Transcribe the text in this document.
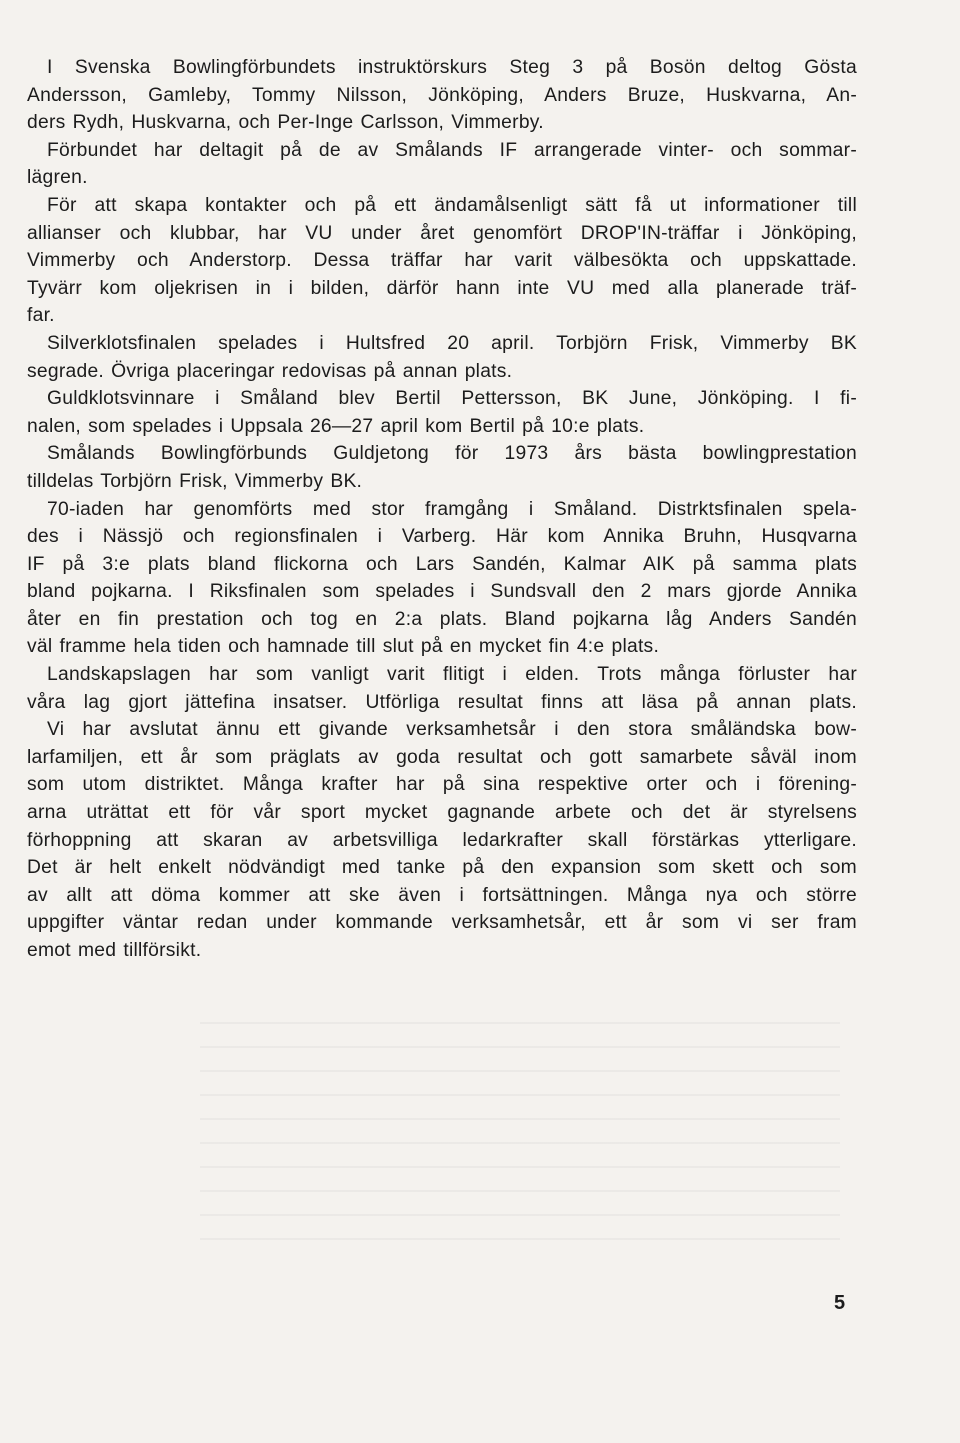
I Svenska Bowlingförbundets instruktörskurs Steg 3 på Bosön deltog Gösta
Andersson, Gamleby, Tommy Nilsson, Jönköping, Anders Bruze, Huskvarna, An-
ders Rydh, Huskvarna, och Per-Inge Carlsson, Vimmerby.
Förbundet har deltagit på de av Smålands IF arrangerade vinter- och sommar-
lägren.
För att skapa kontakter och på ett ändamålsenligt sätt få ut informationer till
allianser och klubbar, har VU under året genomfört DROP'IN-träffar i Jönköping,
Vimmerby och Anderstorp. Dessa träffar har varit välbesökta och uppskattade.
Tyvärr kom oljekrisen in i bilden, därför hann inte VU med alla planerade träf-
far.
Silverklotsfinalen spelades i Hultsfred 20 april. Torbjörn Frisk, Vimmerby BK
segrade. Övriga placeringar redovisas på annan plats.
Guldklotsvinnare i Småland blev Bertil Pettersson, BK June, Jönköping. I fi-
nalen, som spelades i Uppsala 26—27 april kom Bertil på 10:e plats.
Smålands Bowlingförbunds Guldjetong för 1973 års bästa bowlingprestation
tilldelas Torbjörn Frisk, Vimmerby BK.
70-iaden har genomförts med stor framgång i Småland. Distrktsfinalen spela-
des i Nässjö och regionsfinalen i Varberg. Här kom Annika Bruhn, Husqvarna
IF på 3:e plats bland flickorna och Lars Sandén, Kalmar AIK på samma plats
bland pojkarna. I Riksfinalen som spelades i Sundsvall den 2 mars gjorde Annika
åter en fin prestation och tog en 2:a plats. Bland pojkarna låg Anders Sandén
väl framme hela tiden och hamnade till slut på en mycket fin 4:e plats.
Landskapslagen har som vanligt varit flitigt i elden. Trots många förluster har
våra lag gjort jättefina insatser. Utförliga resultat finns att läsa på annan plats.
Vi har avslutat ännu ett givande verksamhetsår i den stora småländska bow-
larfamiljen, ett år som präglats av goda resultat och gott samarbete såväl inom
som utom distriktet. Många krafter har på sina respektive orter och i förening-
arna uträttat ett för vår sport mycket gagnande arbete och det är styrelsens
förhoppning att skaran av arbetsvilliga ledarkrafter skall förstärkas ytterligare.
Det är helt enkelt nödvändigt med tanke på den expansion som skett och som
av allt att döma kommer att ske även i fortsättningen. Många nya och större
uppgifter väntar redan under kommande verksamhetsår, ett år som vi ser fram
emot med tillförsikt.
5
